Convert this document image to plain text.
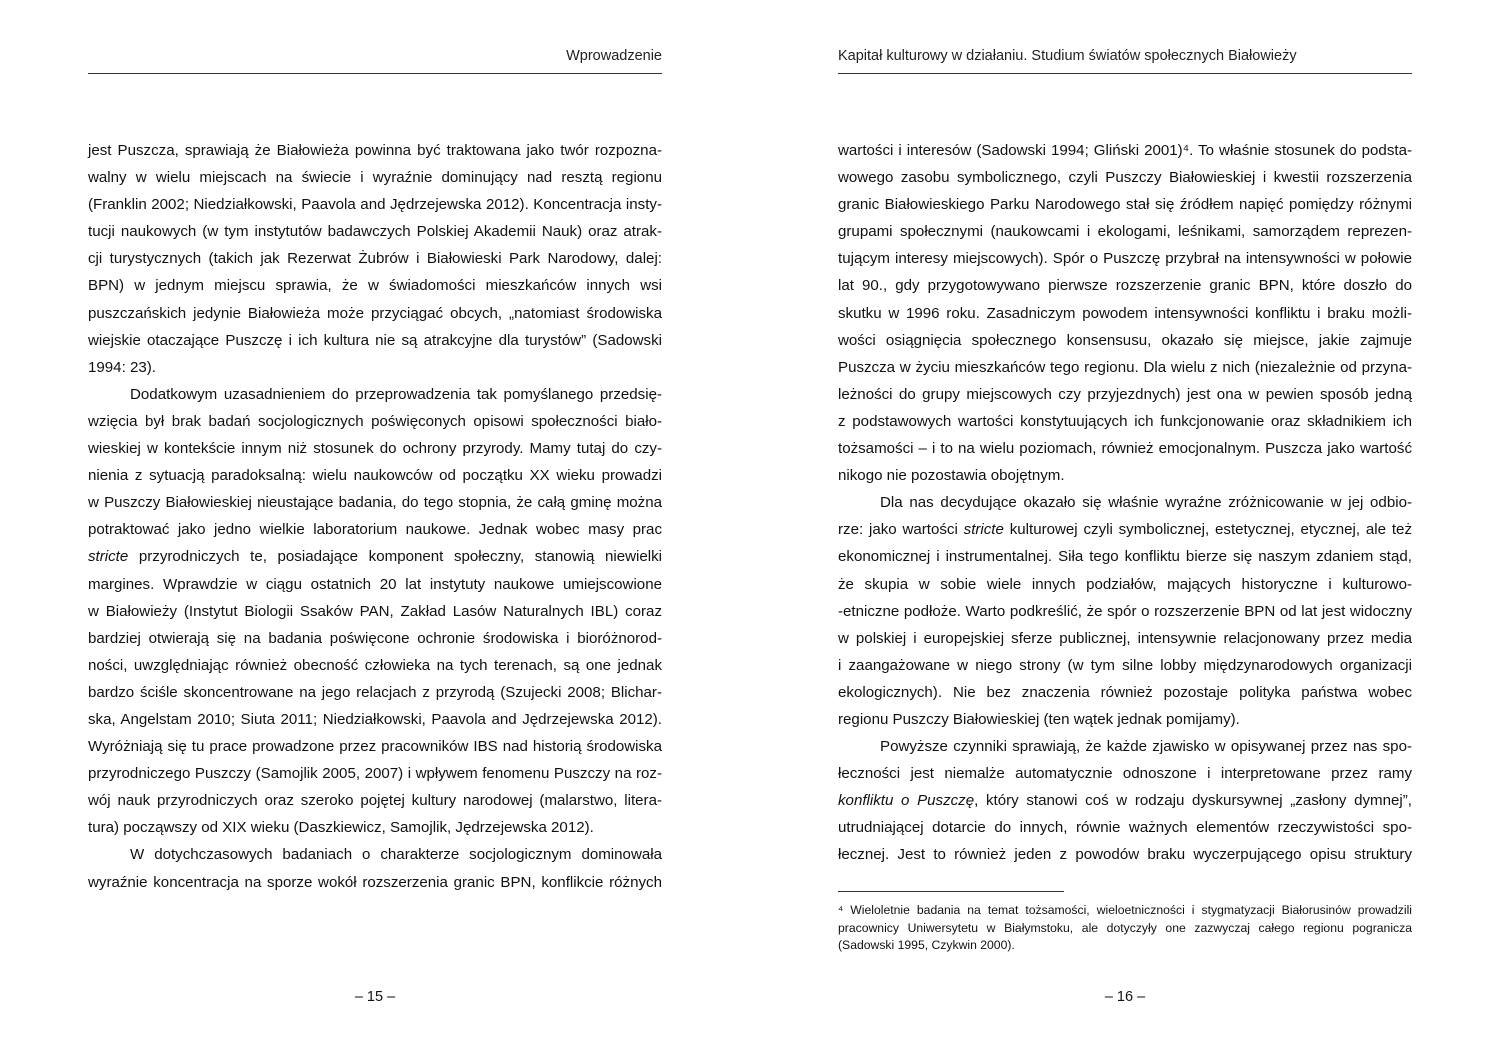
Wprowadzenie
jest Puszcza, sprawiają że Białowieża powinna być traktowana jako twór rozpozna-
walny w wielu miejscach na świecie i wyraźnie dominujący nad resztą regionu
(Franklin 2002; Niedziałkowski, Paavola and Jędrzejewska 2012). Koncentracja insty-
tucji naukowych (w tym instytutów badawczych Polskiej Akademii Nauk) oraz atrak-
cji turystycznych (takich jak Rezerwat Żubrów i Białowieski Park Narodowy, dalej:
BPN) w jednym miejscu sprawia, że w świadomości mieszkańców innych wsi
puszczańskich jedynie Białowieża może przyciągać obcych, „natomiast środowiska
wiejskie otaczające Puszczę i ich kultura nie są atrakcyjne dla turystów” (Sadowski
1994: 23).
Dodatkowym uzasadnieniem do przeprowadzenia tak pomyślanego przedsię-
wzięcia był brak badań socjologicznych poświęconych opisowi społeczności biało-
wieskiej w kontekście innym niż stosunek do ochrony przyrody. Mamy tutaj do czy-
nienia z sytuacją paradoksalną: wielu naukowców od początku XX wieku prowadzi
w Puszczy Białowieskiej nieustające badania, do tego stopnia, że całą gminę można
potraktować jako jedno wielkie laboratorium naukowe. Jednak wobec masy prac
stricte przyrodniczych te, posiadające komponent społeczny, stanowią niewielki
margines. Wprawdzie w ciągu ostatnich 20 lat instytuty naukowe umiejscowione
w Białowieży (Instytut Biologii Ssaków PAN, Zakład Lasów Naturalnych IBL) coraz
bardziej otwierają się na badania poświęcone ochronie środowiska i bioróżnorod-
ności, uwzględniając również obecność człowieka na tych terenach, są one jednak
bardzo ściśle skoncentrowane na jego relacjach z przyrodą (Szujecki 2008; Blichar-
ska, Angelstam 2010; Siuta 2011; Niedziałkowski, Paavola and Jędrzejewska 2012).
Wyróżniają się tu prace prowadzone przez pracowników IBS nad historią środowiska
przyrodniczego Puszczy (Samojlik 2005, 2007) i wpływem fenomenu Puszczy na roz-
wój nauk przyrodniczych oraz szeroko pojętej kultury narodowej (malarstwo, litera-
tura) począwszy od XIX wieku (Daszkiewicz, Samojlik, Jędrzejewska 2012).
W dotychczasowych badaniach o charakterze socjologicznym dominowała
wyraźnie koncentracja na sporze wokół rozszerzenia granic BPN, konflikcie różnych
– 15 –
Kapitał kulturowy w działaniu. Studium światów społecznych Białowieży
wartości i interesów (Sadowski 1994; Gliński 2001)⁴. To właśnie stosunek do podsta-
wowego zasobu symbolicznego, czyli Puszczy Białowieskiej i kwestii rozszerzenia
granic Białowieskiego Parku Narodowego stał się źródłem napięć pomiędzy różnymi
grupami społecznymi (naukowcami i ekologami, leśnikami, samorządem reprezen-
tującym interesy miejscowych). Spór o Puszczę przybrał na intensywności w połowie
lat 90., gdy przygotowywano pierwsze rozszerzenie granic BPN, które doszło do
skutku w 1996 roku. Zasadniczym powodem intensywności konfliktu i braku możli-
wości osiągnięcia społecznego konsensusu, okazało się miejsce, jakie zajmuje
Puszcza w życiu mieszkańców tego regionu. Dla wielu z nich (niezależnie od przyna-
leżności do grupy miejscowych czy przyjezdnych) jest ona w pewien sposób jedną
z podstawowych wartości konstytuujących ich funkcjonowanie oraz składnikiem ich
tożsamości – i to na wielu poziomach, również emocjonalnym. Puszcza jako wartość
nikogo nie pozostawia obojętnym.
Dla nas decydujące okazało się właśnie wyraźne zróżnicowanie w jej odbio-
rze: jako wartości stricte kulturowej czyli symbolicznej, estetycznej, etycznej, ale też
ekonomicznej i instrumentalnej. Siła tego konfliktu bierze się naszym zdaniem stąd,
że skupia w sobie wiele innych podziałów, mających historyczne i kulturowo-
-etniczne podłoże. Warto podkreślić, że spór o rozszerzenie BPN od lat jest widoczny
w polskiej i europejskiej sferze publicznej, intensywnie relacjonowany przez media
i zaangażowane w niego strony (w tym silne lobby międzynarodowych organizacji
ekologicznych). Nie bez znaczenia również pozostaje polityka państwa wobec
regionu Puszczy Białowieskiej (ten wątek jednak pomijamy).
Powyższe czynniki sprawiają, że każde zjawisko w opisywanej przez nas spo-
łeczności jest niemalże automatycznie odnoszone i interpretowane przez ramy
konfliktu o Puszczę, który stanowi coś w rodzaju dyskursywnej „zasłony dymnej”,
utrudniającej dotarcie do innych, równie ważnych elementów rzeczywistości spo-
łecznej. Jest to również jeden z powodów braku wyczerpującego opisu struktury
⁴ Wieloletnie badania na temat tożsamości, wieloetniczności i stygmatyzacji Białorusinów prowadzili
pracownicy Uniwersytetu w Białymstoku, ale dotyczyły one zazwyczaj całego regionu pogranicza
(Sadowski 1995, Czykwin 2000).
– 16 –
